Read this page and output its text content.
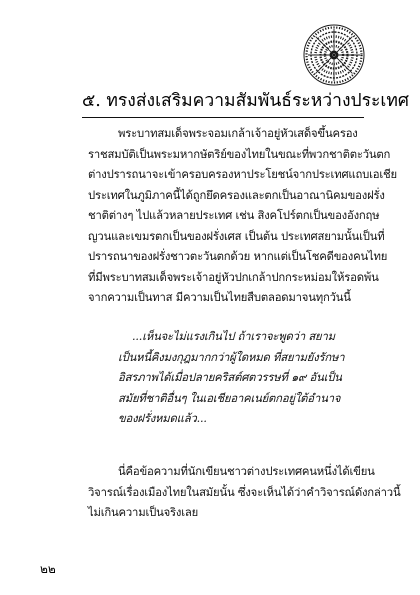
๕. ทรงส่งเสริมความสัมพันธ์ระหว่างประเทศ
พระบาทสมเด็จพระจอมเกล้าเจ้าอยู่หัวเสด็จขึ้นครอง
ราชสมบัติเป็นพระมหากษัตริย์ของไทยในขณะที่พวกชาติตะวันตก
ต่างปรารถนาจะเข้าครอบครองหาประโยชน์จากประเทศแถบเอเชีย
ประเทศในภูมิภาคนี้ได้ถูกยึดครองและตกเป็นอาณานิคมของฝรั่ง
ชาติต่างๆ ไปแล้วหลายประเทศ เช่น สิงคโปร์ตกเป็นของอังกฤษ
ญวนและเขมรตกเป็นของฝรั่งเศส เป็นต้น ประเทศสยามนั้นเป็นที่
ปรารถนาของฝรั่งชาวตะวันตกด้วย หากแต่เป็นโชคดีของคนไทย
ที่มีพระบาทสมเด็จพระเจ้าอยู่หัวปกเกล้าปกกระหม่อมให้รอดพ้น
จากความเป็นทาส มีความเป็นไทยสืบตลอดมาจนทุกวันนี้
...เห็นจะไม่แรงเกินไป ถ้าเราจะพูดว่า สยาม
เป็นหนี้คิงมงกุฎมากกว่าผู้ใดหมด ที่สยามยังรักษา
อิสรภาพได้เมื่อปลายคริสต์ศตวรรษที่ ๑๙ อันเป็น
สมัยที่ชาติอื่นๆ ในเอเชียอาคเนย์ตกอยู่ใต้อำนาจ
ของฝรั่งหมดแล้ว...
นี่คือข้อความที่นักเขียนชาวต่างประเทศคนหนึ่งได้เขียน
วิจารณ์เรื่องเมืองไทยในสมัยนั้น ซึ่งจะเห็นได้ว่าคำวิจารณ์ดังกล่าวนี้
ไม่เกินความเป็นจริงเลย
๒๒
